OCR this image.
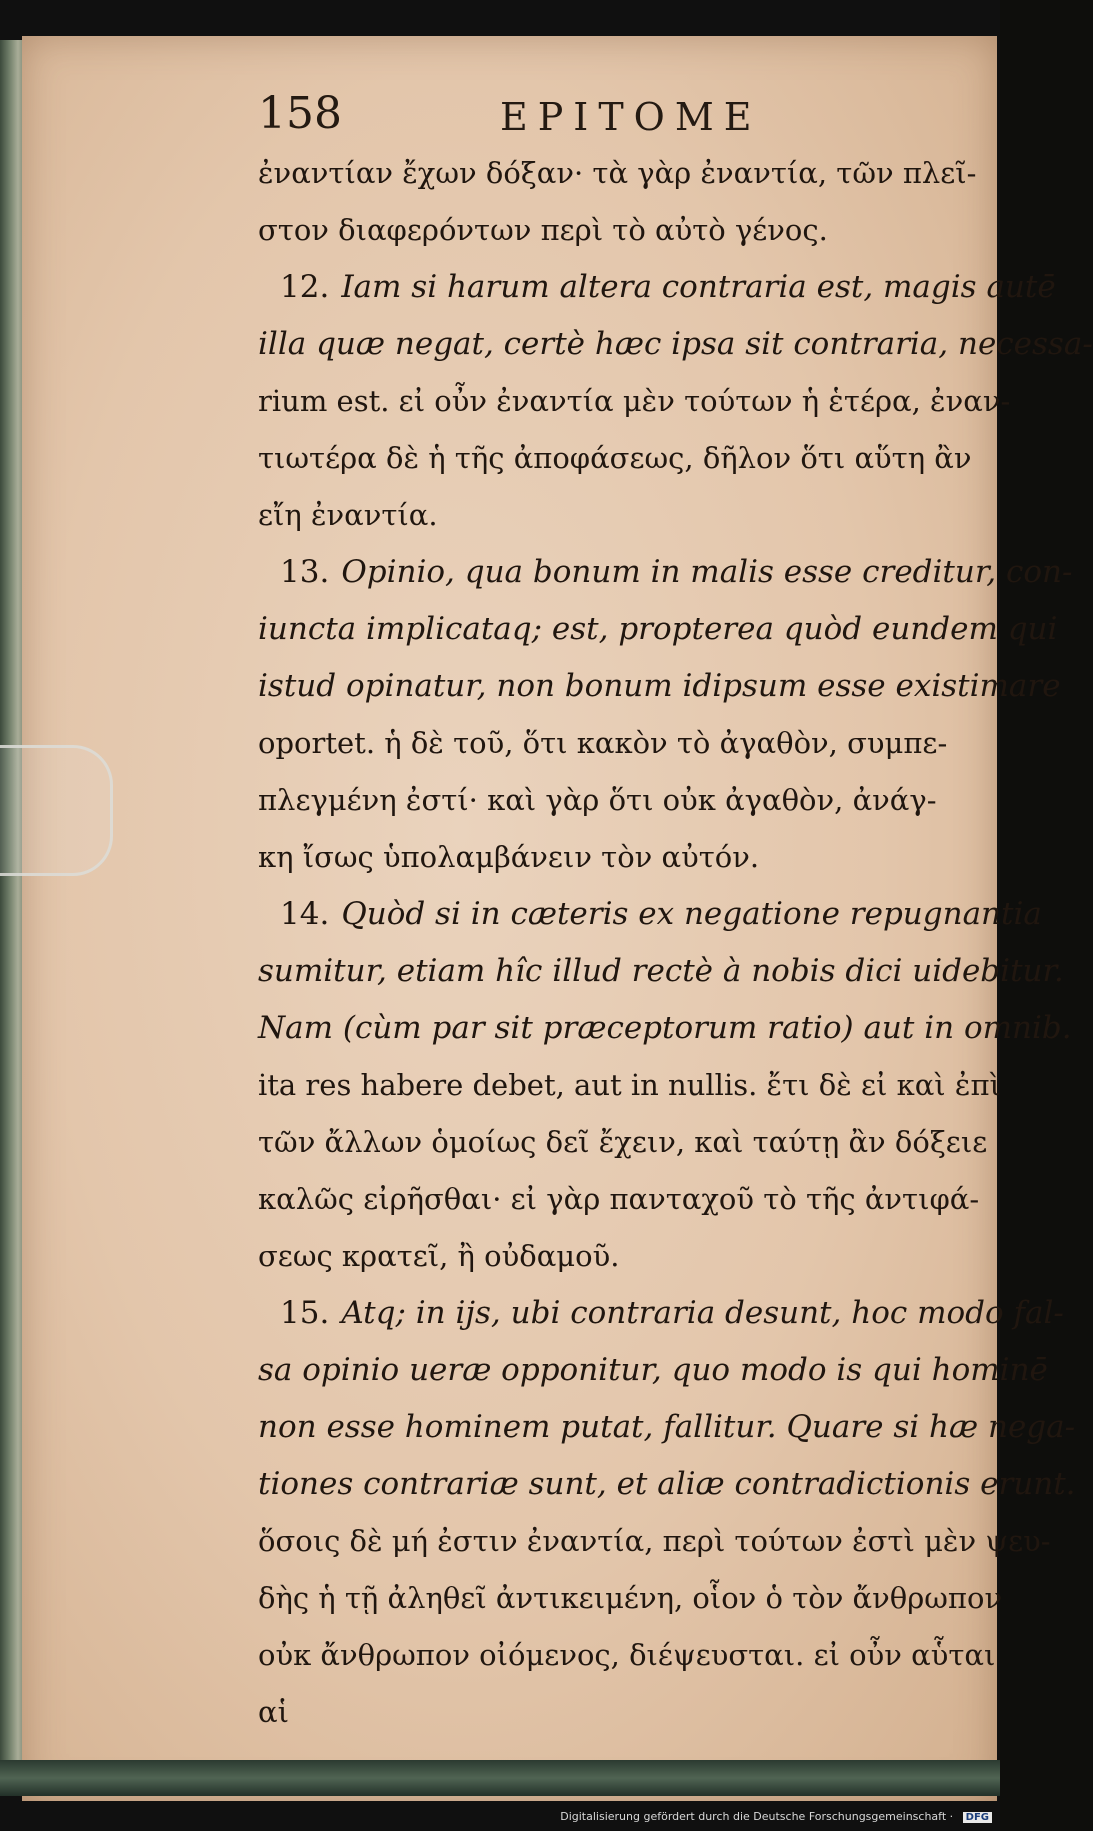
158	EPITOME
ἐναντίαν ἔχων δόξαν· τὰ γὰρ ἐναντία, τῶν πλεῖ-
στον διαφερόντων περὶ τὸ αὐτὸ γένος.
12. Iam si harum altera contraria est, magis autē
illa quæ negat, certè hæc ipsa sit contraria, necessa-
rium est. εἰ οὖν ἐναντία μὲν τούτων ἡ ἑτέρα, ἐναν-
τιωτέρα δὲ ἡ τῆς ἀποφάσεως, δῆλον ὅτι αὕτη ἂν
εἴη ἐναντία.
13. Opinio, qua bonum in malis esse creditur, con-
iuncta implicataq; est, propterea quòd eundem qui
istud opinatur, non bonum idipsum esse existimare
oportet. ἡ δὲ τοῦ, ὅτι κακὸν τὸ ἀγαθὸν, συμπε-
πλεγμένη ἐστί· καὶ γὰρ ὅτι οὐκ ἀγαθὸν, ἀνάγ-
κη ἴσως ὑπολαμβάνειν τὸν αὐτόν.
14. Quòd si in cæteris ex negatione repugnantia
sumitur, etiam hîc illud rectè à nobis dici uidebitur.
Nam (cùm par sit præceptorum ratio) aut in omnib.
ita res habere debet, aut in nullis. ἔτι δὲ εἰ καὶ ἐπὶ
τῶν ἄλλων ὁμοίως δεῖ ἔχειν, καὶ ταύτῃ ἂν δόξειε
καλῶς εἰρῆσθαι· εἰ γὰρ πανταχοῦ τὸ τῆς ἀντιφά-
σεως κρατεῖ, ἢ οὐδαμοῦ.
15. Atq; in ijs, ubi contraria desunt, hoc modo fal-
sa opinio ueræ opponitur, quo modo is qui hominē
non esse hominem putat, fallitur. Quare si hæ nega-
tiones contrariæ sunt, et aliæ contradictionis erunt.
ὅσοις δὲ μή ἐστιν ἐναντία, περὶ τούτων ἐστὶ μὲν ψευ-
δὴς ἡ τῇ ἀληθεῖ ἀντικειμένη, οἷον ὁ τὸν ἄνθρωπον
οὐκ ἄνθρωπον οἰόμενος, διέψευσται. εἰ οὖν αὗται
αἱ
Digitalisierung gefördert durch die Deutsche Forschungsgemeinschaft · DFG
